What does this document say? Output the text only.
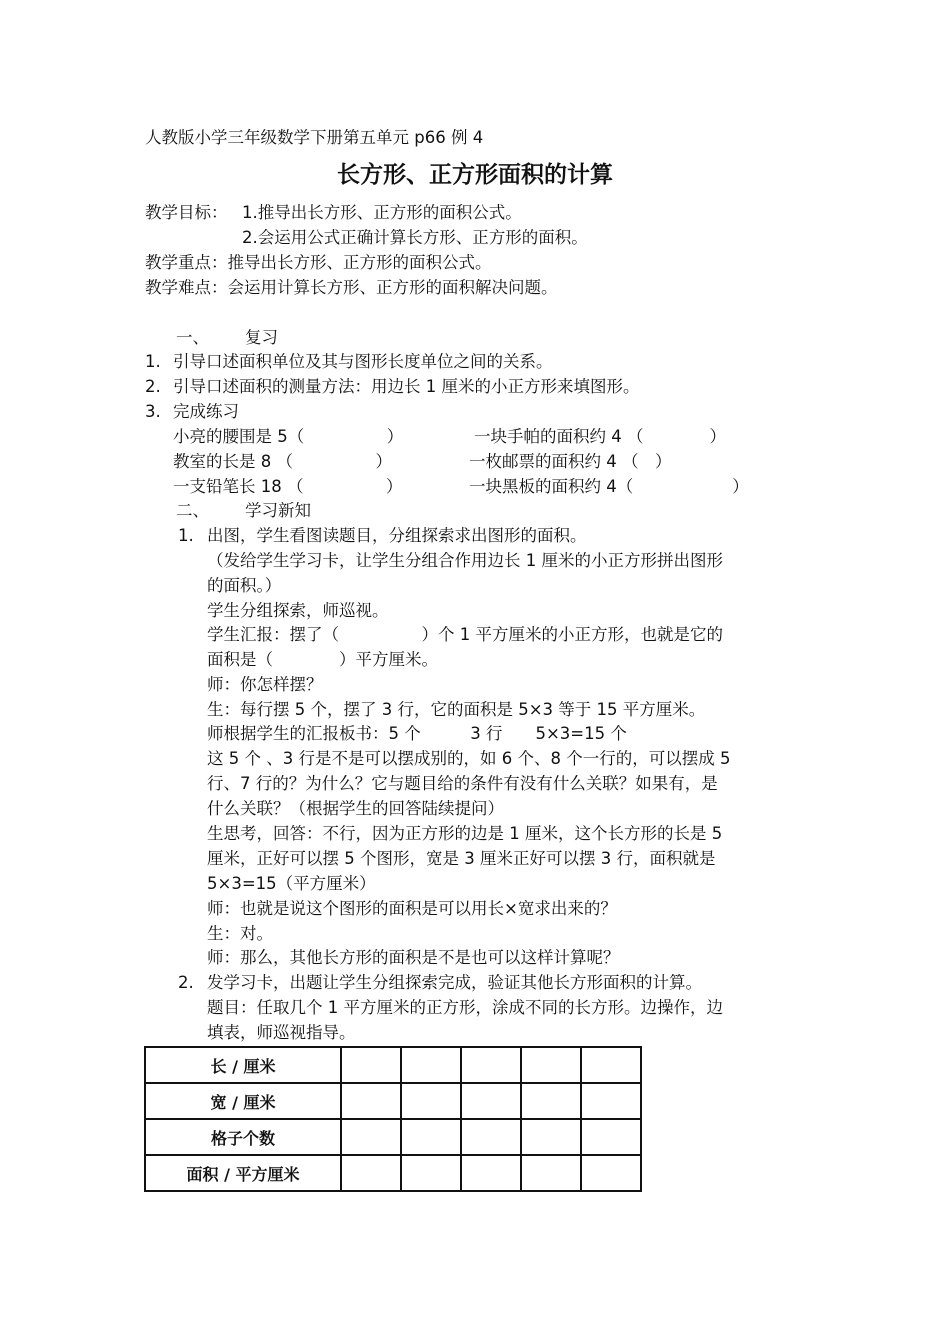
人教版小学三年级数学下册第五单元 p66 例 4
长方形、正方形面积的计算
教学目标： 1.推导出长方形、正方形的面积公式。
2.会运用公式正确计算长方形、正方形的面积。
教学重点：推导出长方形、正方形的面积公式。
教学难点：会运用计算长方形、正方形的面积解决问题。
一、 复习
1. 引导口述面积单位及其与图形长度单位之间的关系。
2. 引导口述面积的测量方法：用边长 1 厘米的小正方形来填图形。
3. 完成练习
小亮的腰围是 5（　　　　　）	一块手帕的面积约 4 （　　　　）
教室的长是 8 （　　　　　）	一枚邮票的面积约 4 （　）
一支铅笔长 18 （　　　　　）	一块黑板的面积约 4（　　　　　　）
二、 学习新知
1. 出图，学生看图读题目，分组探索求出图形的面积。
（发给学生学习卡，让学生分组合作用边长 1 厘米的小正方形拼出图形
的面积。）
学生分组探索，师巡视。
学生汇报：摆了（　　　　　）个 1 平方厘米的小正方形，也就是它的
面积是（　　　　）平方厘米。
师：你怎样摆？
生：每行摆 5 个，摆了 3 行，它的面积是 5×3 等于 15 平方厘米。
师根据学生的汇报板书：5 个　　　3 行　　5×3=15 个
这 5 个 、3 行是不是可以摆成别的，如 6 个、8 个一行的，可以摆成 5
行、7 行的？为什么？它与题目给的条件有没有什么关联？如果有，是
什么关联？（根据学生的回答陆续提问）
生思考，回答：不行，因为正方形的边是 1 厘米，这个长方形的长是 5
厘米，正好可以摆 5 个图形，宽是 3 厘米正好可以摆 3 行，面积就是
5×3=15（平方厘米）
师：也就是说这个图形的面积是可以用长×宽求出来的？
生：对。
师：那么，其他长方形的面积是不是也可以这样计算呢？
2. 发学习卡，出题让学生分组探索完成，验证其他长方形面积的计算。
题目：任取几个 1 平方厘米的正方形，涂成不同的长方形。边操作，边
填表，师巡视指导。
长 / 厘米					
宽 / 厘米					
格子个数					
面积 / 平方厘米					
